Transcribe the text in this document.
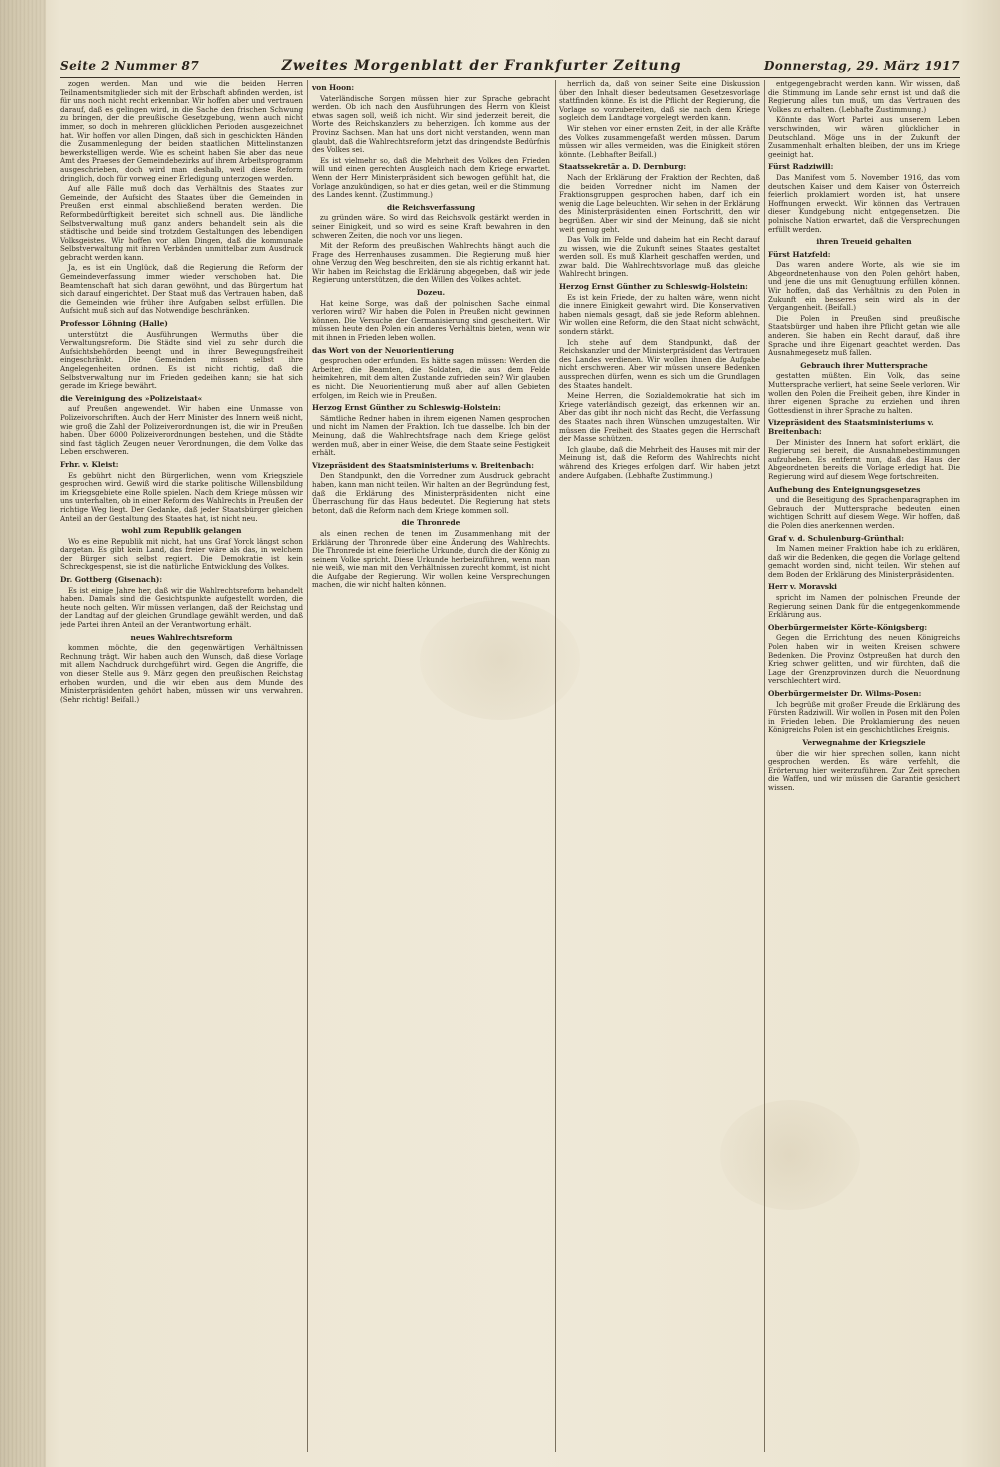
Seite 2 Nummer 87	Zweites Morgenblatt der Frankfurter Zeitung	Donnerstag, 29. März 1917

zogen werden. Man und wie die beiden Herren Teilnamentsmitglieder sich mit der Erbschaft abfinden werden, ist für uns noch nicht recht erkennbar. Wir hoffen aber und vertrauen darauf, daß es gelingen wird, in die Sache den frischen Schwung zu bringen, der die preußische Gesetzgebung, wenn auch nicht immer, so doch in mehreren glücklichen Perioden ausgezeichnet hat. Wir hoffen vor allen Dingen, daß sich in geschickten Händen die Zusammenlegung der beiden staatlichen Mittelinstanzen bewerkstelligen werde. Wie es scheint haben Sie aber das neue Amt des Praeses der Gemeindebezirks auf ihrem Arbeitsprogramm ausgeschrieben, doch wird man deshalb, weil diese Reform dringlich, doch für vorweg einer Erledigung unterzogen werden.

Auf alle Fälle muß doch das Verhältnis des Staates zur Gemeinde, der Aufsicht des Staates über die Gemeinden in Preußen erst einmal abschließend beraten werden. Die Reformbedürftigkeit bereitet sich schnell aus. Die ländliche Selbstverwaltung muß ganz anders behandelt sein als die städtische und beide sind trotzdem Gestaltungen des lebendigen Volksgeistes. Wir hoffen vor allen Dingen, daß die kommunale Selbstverwaltung mit ihren Verbänden unmittelbar zum Ausdruck gebracht werden kann.

Ja, es ist ein Unglück, daß die Regierung die Reform der Gemeindeverfassung immer wieder verschoben hat. Die Beamtenschaft hat sich daran gewöhnt, und das Bürgertum hat sich darauf eingerichtet. Der Staat muß das Vertrauen haben, daß die Gemeinden wie früher ihre Aufgaben selbst erfüllen. Die Aufsicht muß sich auf das Notwendige beschränken.

Professor Löhning (Halle)

unterstützt die Ausführungen Wermuths über die Verwaltungsreform. Die Städte sind viel zu sehr durch die Aufsichtsbehörden beengt und in ihrer Bewegungsfreiheit eingeschränkt. Die Gemeinden müssen selbst ihre Angelegenheiten ordnen. Es ist nicht richtig, daß die Selbstverwaltung nur im Frieden gedeihen kann; sie hat sich gerade im Kriege bewährt.

die Vereinigung des »Polizeistaat«

auf Preußen angewendet. Wir haben eine Unmasse von Polizeivorschriften. Auch der Herr Minister des Innern weiß nicht, wie groß die Zahl der Polizeiverordnungen ist, die wir in Preußen haben. Über 6000 Polizeiverordnungen bestehen, und die Städte sind fast täglich Zeugen neuer Verordnungen, die dem Volke das Leben erschweren.

Frhr. v. Kleist:

Es gebührt nicht den Bürgerlichen, wenn vom Kriegsziele gesprochen wird. Gewiß wird die starke politische Willensbildung im Kriegsgebiete eine Rolle spielen. Nach dem Kriege müssen wir uns unterhalten, ob in einer Reform des Wahlrechts in Preußen der richtige Weg liegt. Der Gedanke, daß jeder Staatsbürger gleichen Anteil an der Gestaltung des Staates hat, ist nicht neu.

wohl zum Republik gelangen

Wo es eine Republik mit nicht, hat uns Graf Yorck längst schon dargetan. Es gibt kein Land, das freier wäre als das, in welchem der Bürger sich selbst regiert. Die Demokratie ist kein Schreckgespenst, sie ist die natürliche Entwicklung des Volkes.

Dr. Gottberg (Gisenach):

Es ist einige Jahre her, daß wir die Wahlrechtsreform behandelt haben. Damals sind die Gesichtspunkte aufgestellt worden, die heute noch gelten. Wir müssen verlangen, daß der Reichstag und der Landtag auf der gleichen Grundlage gewählt werden, und daß jede Partei ihren Anteil an der Verantwortung erhält.

neues Wahlrechtsreform

kommen möchte, die den gegenwärtigen Verhältnissen Rechnung trägt. Wir haben auch den Wunsch, daß diese Vorlage mit allem Nachdruck durchgeführt wird. Gegen die Angriffe, die von dieser Stelle aus 9. März gegen den preußischen Reichstag erhoben wurden, und die wir eben aus dem Munde des Ministerpräsidenten gehört haben, müssen wir uns verwahren. (Sehr richtig! Beifall.)

von Hoon:

Vaterländische Sorgen müssen hier zur Sprache gebracht werden. Ob ich nach den Ausführungen des Herrn von Kleist etwas sagen soll, weiß ich nicht. Wir sind jederzeit bereit, die Worte des Reichskanzlers zu beherzigen. Ich komme aus der Provinz Sachsen. Man hat uns dort nicht verstanden, wenn man glaubt, daß die Wahlrechtsreform jetzt das dringendste Bedürfnis des Volkes sei.

Es ist vielmehr so, daß die Mehrheit des Volkes den Frieden will und einen gerechten Ausgleich nach dem Kriege erwartet. Wenn der Herr Ministerpräsident sich bewogen gefühlt hat, die Vorlage anzukündigen, so hat er dies getan, weil er die Stimmung des Landes kennt. (Zustimmung.)

die Reichsverfassung

zu gründen wäre. So wird das Reichsvolk gestärkt werden in seiner Einigkeit, und so wird es seine Kraft bewahren in den schweren Zeiten, die noch vor uns liegen.

Mit der Reform des preußischen Wahlrechts hängt auch die Frage des Herrenhauses zusammen. Die Regierung muß hier ohne Verzug den Weg beschreiten, den sie als richtig erkannt hat. Wir haben im Reichstag die Erklärung abgegeben, daß wir jede Regierung unterstützen, die den Willen des Volkes achtet.

Dozeu.

Hat keine Sorge, was daß der polnischen Sache einmal verloren wird? Wir haben die Polen in Preußen nicht gewinnen können. Die Versuche der Germanisierung sind gescheitert. Wir müssen heute den Polen ein anderes Verhältnis bieten, wenn wir mit ihnen in Frieden leben wollen.

das Wort von der Neuorientierung

gesprochen oder erfunden. Es hätte sagen müssen: Werden die Arbeiter, die Beamten, die Soldaten, die aus dem Felde heimkehren, mit dem alten Zustande zufrieden sein? Wir glauben es nicht. Die Neuorientierung muß aber auf allen Gebieten erfolgen, im Reich wie in Preußen.

Herzog Ernst Günther zu Schleswig-Holstein:

Sämtliche Redner haben in ihrem eigenen Namen gesprochen und nicht im Namen der Fraktion. Ich tue dasselbe. Ich bin der Meinung, daß die Wahlrechtsfrage nach dem Kriege gelöst werden muß, aber in einer Weise, die dem Staate seine Festigkeit erhält.

Vizepräsident des Staatsministeriums v. Breitenbach:

Den Standpunkt, den die Vorredner zum Ausdruck gebracht haben, kann man nicht teilen. Wir halten an der Begründung fest, daß die Erklärung des Ministerpräsidenten nicht eine Überraschung für das Haus bedeutet. Die Regierung hat stets betont, daß die Reform nach dem Kriege kommen soll.

die Thronrede

als einen rechen de tenen im Zusammenhang mit der Erklärung der Thronrede über eine Änderung des Wahlrechts. Die Thronrede ist eine feierliche Urkunde, durch die der König zu seinem Volke spricht. Diese Urkunde herbeizuführen, wenn man nie weiß, wie man mit den Verhältnissen zurecht kommt, ist nicht die Aufgabe der Regierung. Wir wollen keine Versprechungen machen, die wir nicht halten können.

herrlich da, daß von seiner Seite eine Diskussion über den Inhalt dieser bedeutsamen Gesetzesvorlage stattfinden könne. Es ist die Pflicht der Regierung, die Vorlage so vorzubereiten, daß sie nach dem Kriege sogleich dem Landtage vorgelegt werden kann.

Wir stehen vor einer ernsten Zeit, in der alle Kräfte des Volkes zusammengefaßt werden müssen. Darum müssen wir alles vermeiden, was die Einigkeit stören könnte. (Lebhafter Beifall.)

Staatssekretär a. D. Dernburg:

Nach der Erklärung der Fraktion der Rechten, daß die beiden Vorredner nicht im Namen der Fraktionsgruppen gesprochen haben, darf ich ein wenig die Lage beleuchten. Wir sehen in der Erklärung des Ministerpräsidenten einen Fortschritt, den wir begrüßen. Aber wir sind der Meinung, daß sie nicht weit genug geht.

Das Volk im Felde und daheim hat ein Recht darauf zu wissen, wie die Zukunft seines Staates gestaltet werden soll. Es muß Klarheit geschaffen werden, und zwar bald. Die Wahlrechtsvorlage muß das gleiche Wahlrecht bringen.

Herzog Ernst Günther zu Schleswig-Holstein:

Es ist kein Friede, der zu halten wäre, wenn nicht die innere Einigkeit gewahrt wird. Die Konservativen haben niemals gesagt, daß sie jede Reform ablehnen. Wir wollen eine Reform, die den Staat nicht schwächt, sondern stärkt.

Ich stehe auf dem Standpunkt, daß der Reichskanzler und der Ministerpräsident das Vertrauen des Landes verdienen. Wir wollen ihnen die Aufgabe nicht erschweren. Aber wir müssen unsere Bedenken aussprechen dürfen, wenn es sich um die Grundlagen des Staates handelt.

Meine Herren, die Sozialdemokratie hat sich im Kriege vaterländisch gezeigt, das erkennen wir an. Aber das gibt ihr noch nicht das Recht, die Verfassung des Staates nach ihren Wünschen umzugestalten. Wir müssen die Freiheit des Staates gegen die Herrschaft der Masse schützen.

Ich glaube, daß die Mehrheit des Hauses mit mir der Meinung ist, daß die Reform des Wahlrechts nicht während des Krieges erfolgen darf. Wir haben jetzt andere Aufgaben. (Lebhafte Zustimmung.)

entgegengebracht werden kann. Wir wissen, daß die Stimmung im Lande sehr ernst ist und daß die Regierung alles tun muß, um das Vertrauen des Volkes zu erhalten. (Lebhafte Zustimmung.)

Könnte das Wort Partei aus unserem Leben verschwinden, wir wären glücklicher in Deutschland. Möge uns in der Zukunft der Zusammenhalt erhalten bleiben, der uns im Kriege geeinigt hat.

Fürst Radziwill:

Das Manifest vom 5. November 1916, das vom deutschen Kaiser und dem Kaiser von Österreich feierlich proklamiert worden ist, hat unsere Hoffnungen erweckt. Wir können das Vertrauen dieser Kundgebung nicht entgegensetzen. Die polnische Nation erwartet, daß die Versprechungen erfüllt werden.

ihren Treueid gehalten

Fürst Hatzfeld:

Das waren andere Worte, als wie sie im Abgeordnetenhause von den Polen gehört haben, und jene die uns mit Genugtuung erfüllen können. Wir hoffen, daß das Verhältnis zu den Polen in Zukunft ein besseres sein wird als in der Vergangenheit. (Beifall.)

Die Polen in Preußen sind preußische Staatsbürger und haben ihre Pflicht getan wie alle anderen. Sie haben ein Recht darauf, daß ihre Sprache und ihre Eigenart geachtet werden. Das Ausnahmegesetz muß fallen.

Gebrauch ihrer Muttersprache

gestatten müßten. Ein Volk, das seine Muttersprache verliert, hat seine Seele verloren. Wir wollen den Polen die Freiheit geben, ihre Kinder in ihrer eigenen Sprache zu erziehen und ihren Gottesdienst in ihrer Sprache zu halten.

Vizepräsident des Staatsministeriums v. Breitenbach:

Der Minister des Innern hat sofort erklärt, die Regierung sei bereit, die Ausnahmebestimmungen aufzuheben. Es entfernt nun, daß das Haus der Abgeordneten bereits die Vorlage erledigt hat. Die Regierung wird auf diesem Wege fortschreiten.

Aufhebung des Enteignungsgesetzes

und die Beseitigung des Sprachenparagraphen im Gebrauch der Muttersprache bedeuten einen wichtigen Schritt auf diesem Wege. Wir hoffen, daß die Polen dies anerkennen werden.

Graf v. d. Schulenburg-Grünthal:

Im Namen meiner Fraktion habe ich zu erklären, daß wir die Bedenken, die gegen die Vorlage geltend gemacht worden sind, nicht teilen. Wir stehen auf dem Boden der Erklärung des Ministerpräsidenten.

Herr v. Moravski

spricht im Namen der polnischen Freunde der Regierung seinen Dank für die entgegenkommende Erklärung aus.

Oberbürgermeister Körte-Königsberg:

Gegen die Errichtung des neuen Königreichs Polen haben wir in weiten Kreisen schwere Bedenken. Die Provinz Ostpreußen hat durch den Krieg schwer gelitten, und wir fürchten, daß die Lage der Grenzprovinzen durch die Neuordnung verschlechtert wird.

Oberbürgermeister Dr. Wilms-Posen:

Ich begrüße mit großer Freude die Erklärung des Fürsten Radziwill. Wir wollen in Posen mit den Polen in Frieden leben. Die Proklamierung des neuen Königreichs Polen ist ein geschichtliches Ereignis.

Verwegnahme der Kriegsziele

über die wir hier sprechen sollen, kann nicht gesprochen werden. Es wäre verfehlt, die Erörterung hier weiterzuführen. Zur Zeit sprechen die Waffen, und wir müssen die Garantie gesichert wissen.
